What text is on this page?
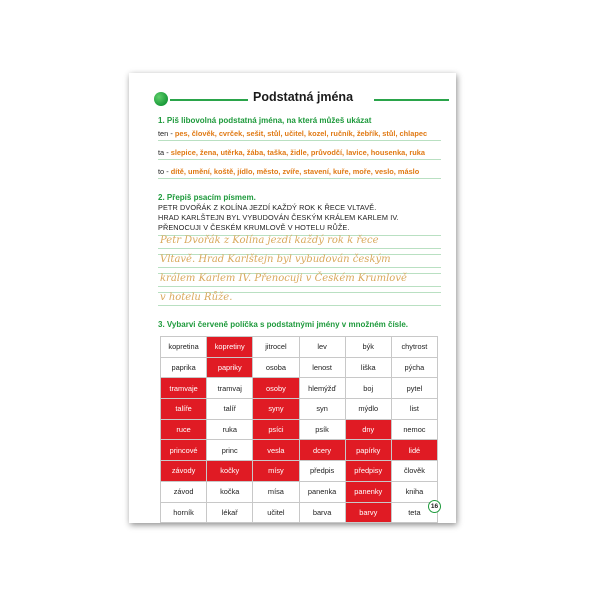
Podstatná jména
1. Piš libovolná podstatná jména, na která můžeš ukázat
ten - pes, člověk, cvrček, sešit, stůl, učitel, kozel, ručník, žebřík, stůl, chlapec
ta - slepice, žena, utěrka, žába, taška, židle, průvodčí, lavice, housenka, ruka
to - dítě, umění, koště, jídlo, město, zvíře, stavení, kuře, moře, veslo, máslo
2. Přepiš psacím písmem.
PETR DVOŘÁK Z KOLÍNA JEZDÍ KAŽDÝ ROK K ŘECE VLTAVĚ.
HRAD KARLŠTEJN BYL VYBUDOVÁN ČESKÝM KRÁLEM KARLEM IV.
PŘENOCUJI V ČESKÉM KRUMLOVĚ V HOTELU RŮŽE.
Petr Dvořák z Kolína jezdí každý rok k řece
Vltavě. Hrad Karlštejn byl vybudován českým
králem Karlem IV. Přenocuji v Českém Krumlově
v hotelu Růže.
3. Vybarvi červeně políčka s podstatnými jmény v množném čísle.
kopretina	kopretiny	jitrocel	lev	býk	chytrost
paprika	papriky	osoba	lenost	liška	pýcha
tramvaje	tramvaj	osoby	hlemýžď	boj	pytel
talíře	talíř	syny	syn	mýdlo	list
ruce	ruka	psíci	psík	dny	nemoc
princové	princ	vesla	dcery	papírky	lidé
závody	kočky	mísy	předpis	předpisy	člověk
závod	kočka	mísa	panenka	panenky	kniha
horník	lékař	učitel	barva	barvy	teta
16
